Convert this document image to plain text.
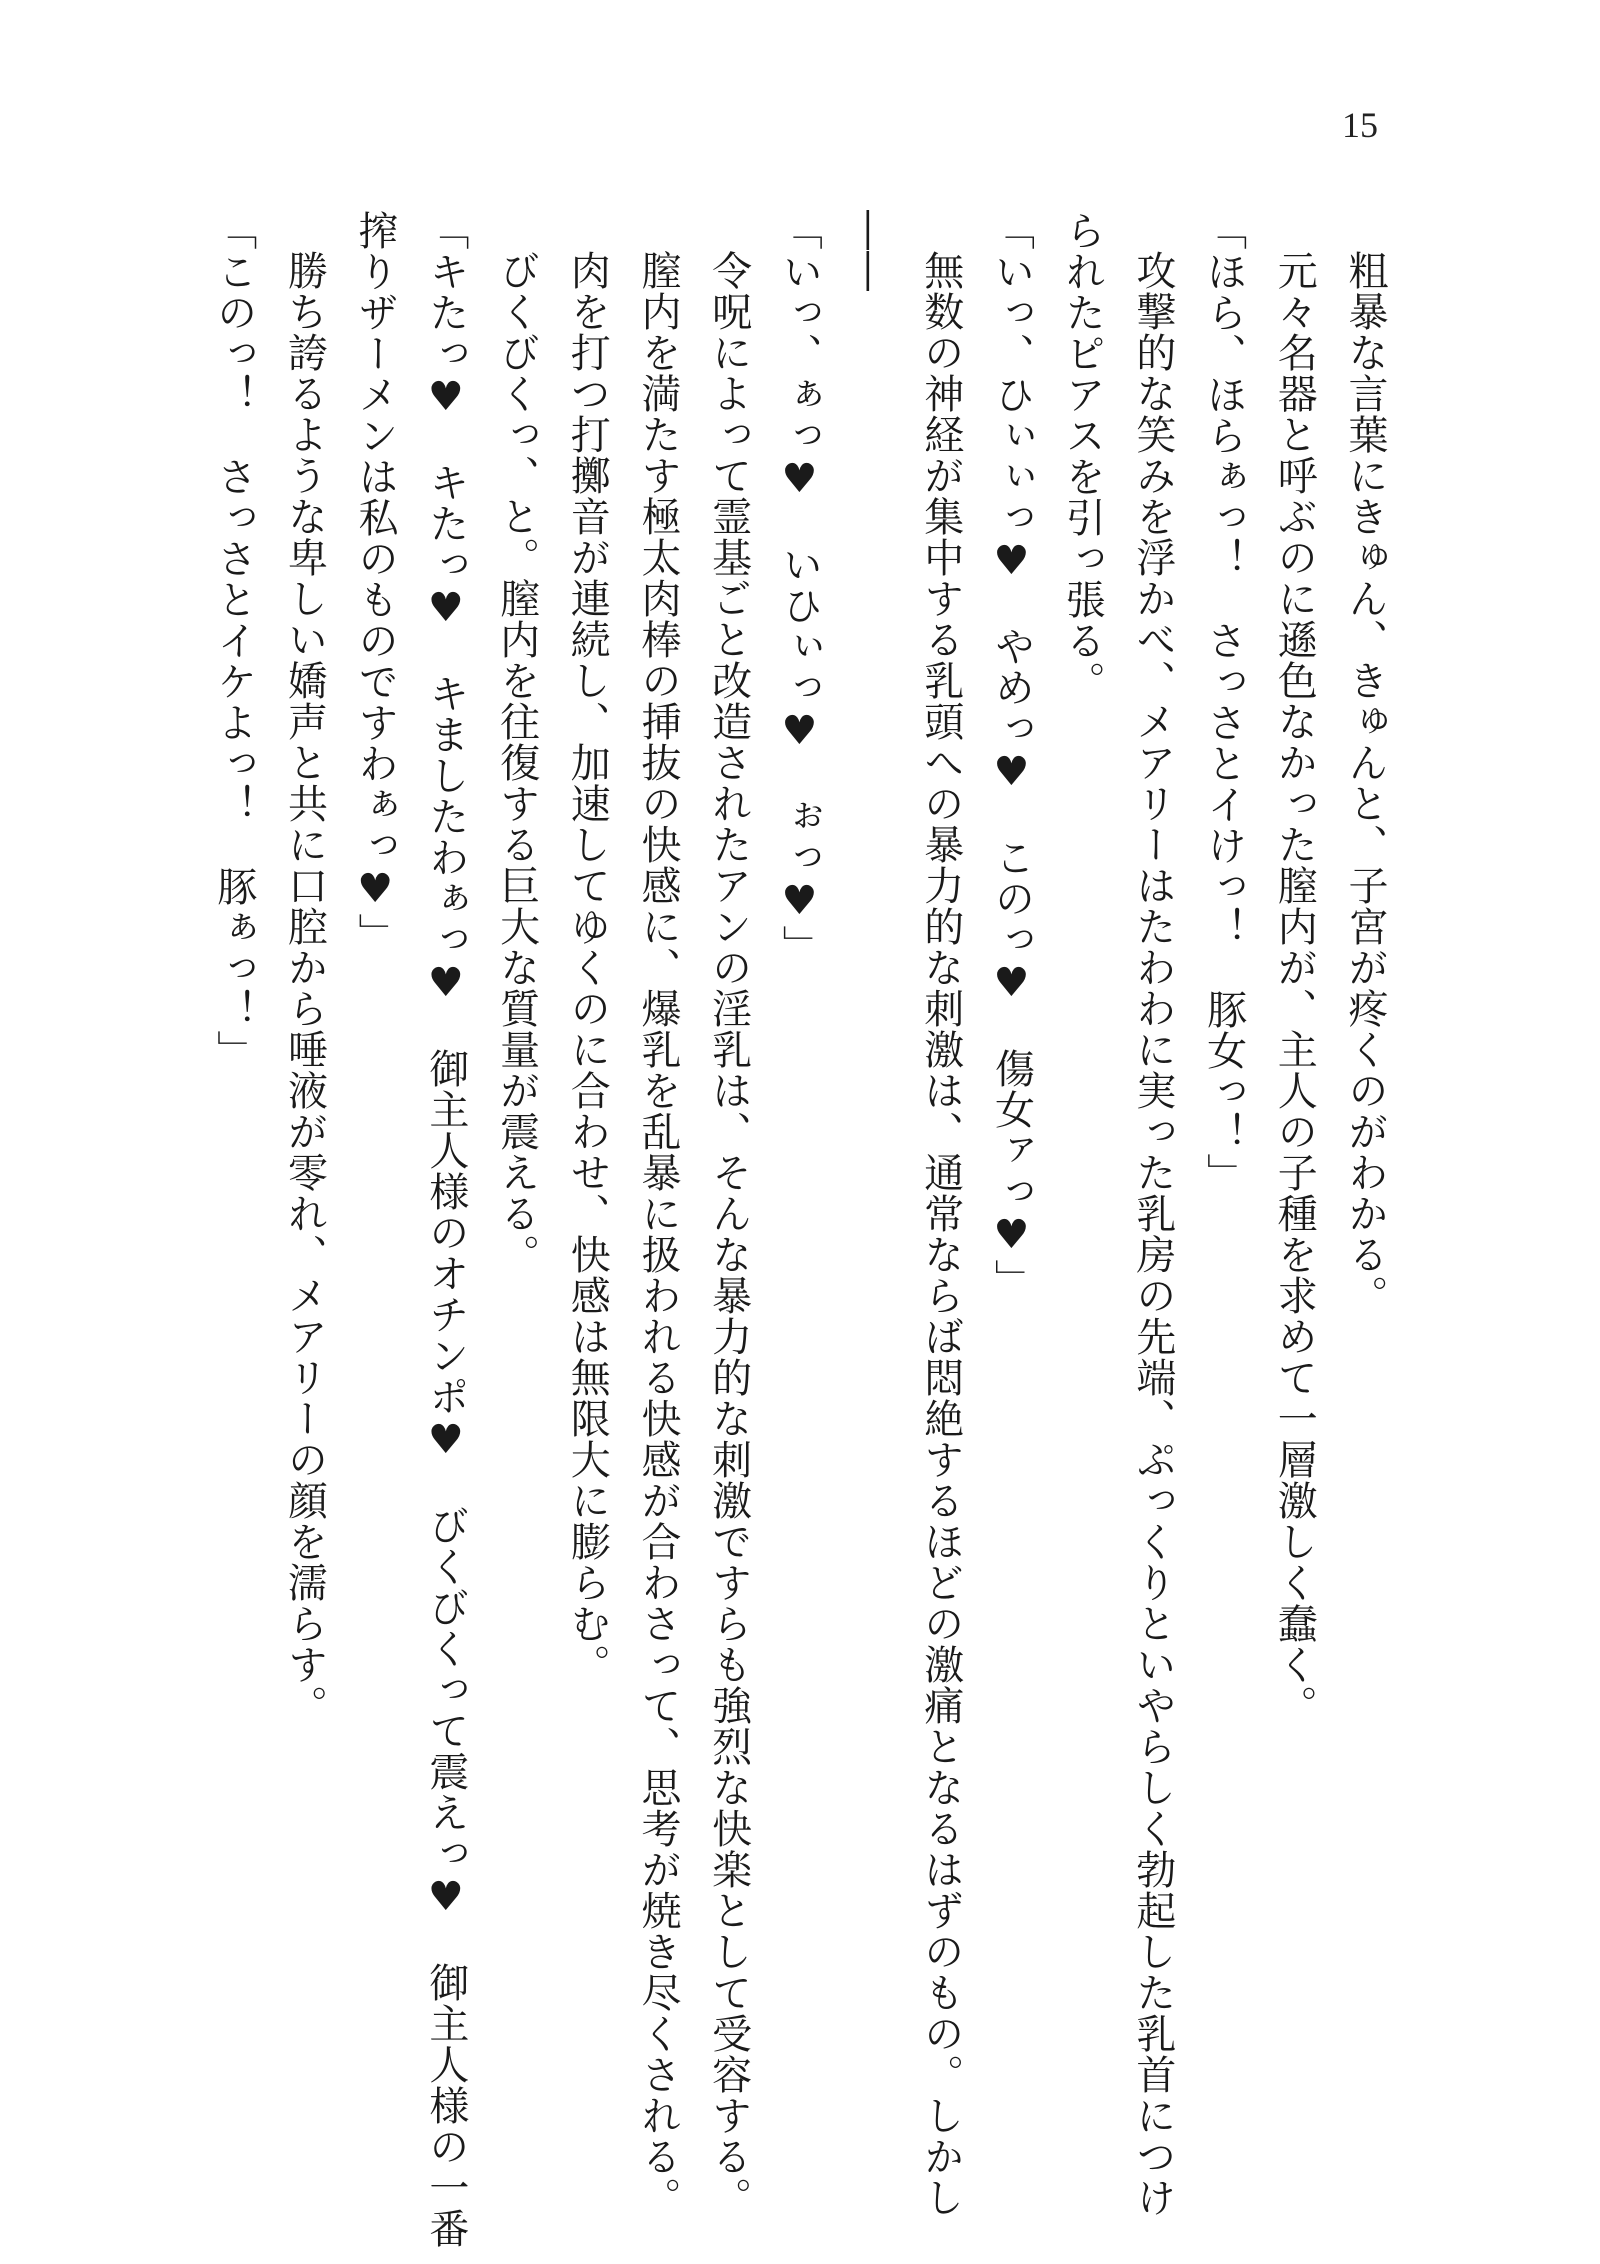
15
粗暴な言葉にきゅん、きゅんと、子宮が疼くのがわかる。
元々名器と呼ぶのに遜色なかった膣内が、主人の子種を求めて一層激しく蠢く。
「ほら、ほらぁっ！　さっさとイけっ！　豚女っ！」
攻撃的な笑みを浮かべ、メアリーはたわわに実った乳房の先端、ぷっくりといやらしく勃起した乳首につけ
られたピアスを引っ張る。
「いっ、ひぃぃっ♥　やめっ♥　このっ♥　傷女ァっ♥」
無数の神経が集中する乳頭への暴力的な刺激は、通常ならば悶絶するほどの激痛となるはずのもの。しかし
――
「いっ、ぁっ♥　いひぃっ♥　ぉっ♥」
令呪によって霊基ごと改造されたアンの淫乳は、そんな暴力的な刺激ですらも強烈な快楽として受容する。
膣内を満たす極太肉棒の挿抜の快感に、爆乳を乱暴に扱われる快感が合わさって、思考が焼き尽くされる。
肉を打つ打擲音が連続し、加速してゆくのに合わせ、快感は無限大に膨らむ。
びくびくっ、と。膣内を往復する巨大な質量が震える。
「キたっ♥　キたっ♥　キましたわぁっ♥　御主人様のオチンポ♥　びくびくって震えっ♥　御主人様の一番
搾りザーメンは私のものですわぁっ♥」
勝ち誇るような卑しい嬌声と共に口腔から唾液が零れ、メアリーの顔を濡らす。
「このっ！　さっさとイケよっ！　豚ぁっ！」
